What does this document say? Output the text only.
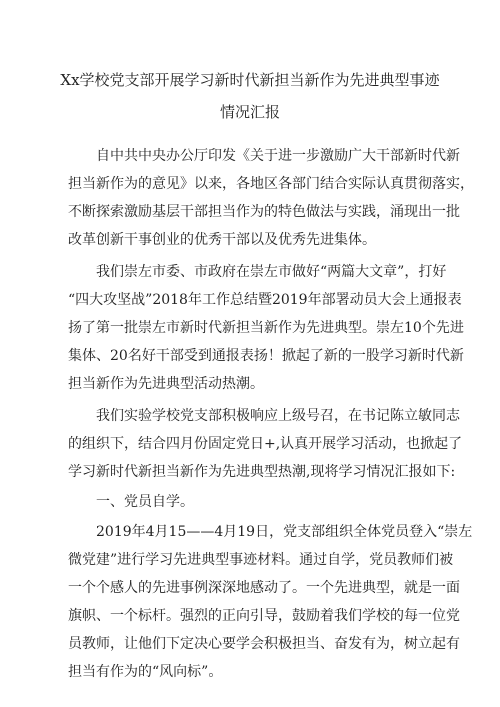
Xx学校党支部开展学习新时代新担当新作为先进典型事迹
情况汇报
自中共中央办公厅印发《关于进一步激励广大干部新时代新
担当新作为的意见》以来，各地区各部门结合实际认真贯彻落实，
不断探索激励基层干部担当作为的特色做法与实践，涌现出一批
改革创新干事创业的优秀干部以及优秀先进集体。
我们崇左市委、市政府在崇左市做好“两篇大文章”，打好
“四大攻坚战”2018年工作总结暨2019年部署动员大会上通报表
扬了第一批崇左市新时代新担当新作为先进典型。崇左10个先进
集体、20名好干部受到通报表扬！掀起了新的一股学习新时代新
担当新作为先进典型活动热潮。
我们实验学校党支部积极响应上级号召，在书记陈立敏同志
的组织下，结合四月份固定党日+,认真开展学习活动，也掀起了
学习新时代新担当新作为先进典型热潮,现将学习情况汇报如下:
一、党员自学。
2019年4月15——4月19日，党支部组织全体党员登入“崇左
微党建”进行学习先进典型事迹材料。通过自学，党员教师们被
一个个感人的先进事例深深地感动了。一个先进典型，就是一面
旗帜、一个标杆。强烈的正向引导，鼓励着我们学校的每一位党
员教师，让他们下定决心要学会积极担当、奋发有为，树立起有
担当有作为的“风向标”。
